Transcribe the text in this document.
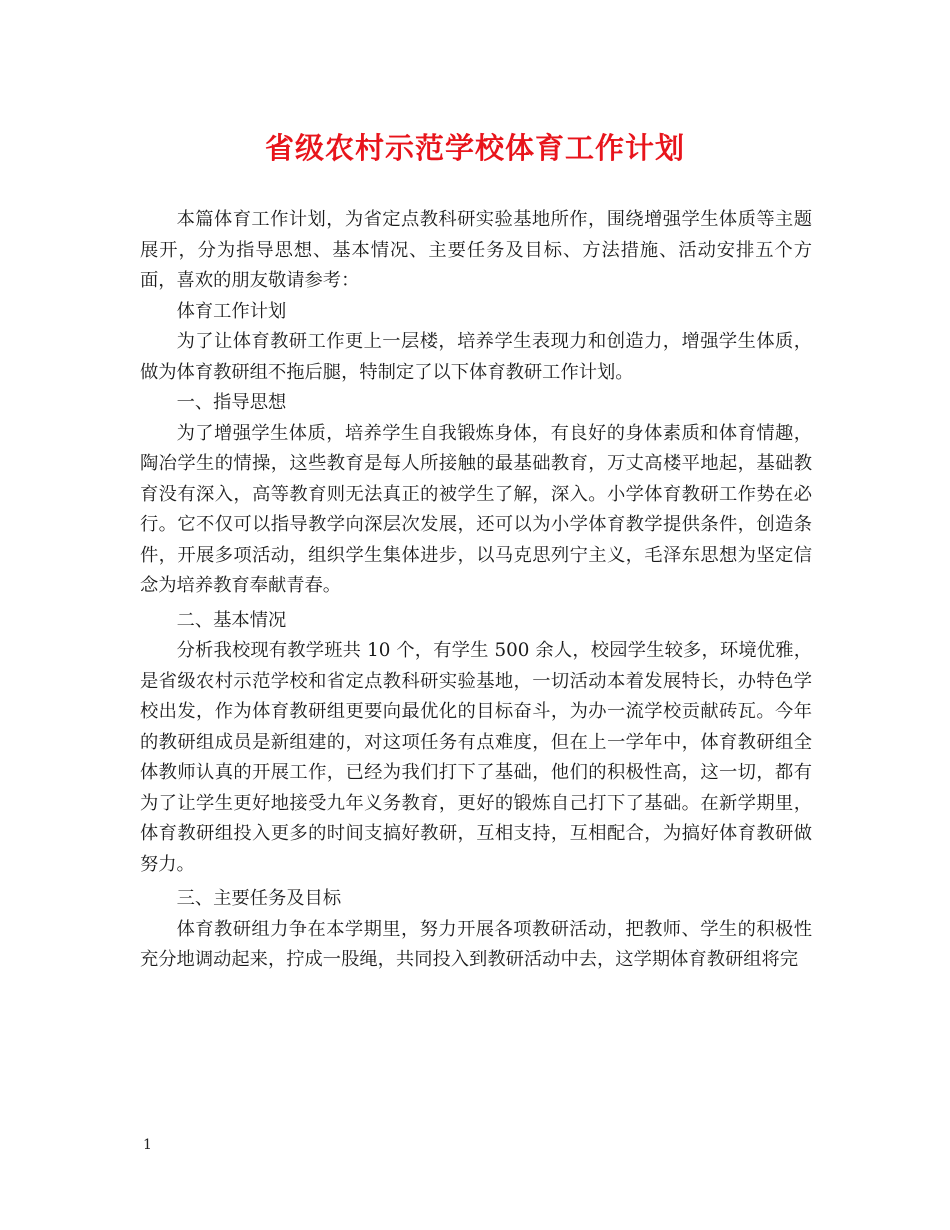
省级农村示范学校体育工作计划

本篇体育工作计划，为省定点教科研实验基地所作，围绕增强学生体质等主题展开，分为指导思想、基本情况、主要任务及目标、方法措施、活动安排五个方面，喜欢的朋友敬请参考：

体育工作计划

为了让体育教研工作更上一层楼，培养学生表现力和创造力，增强学生体质，做为体育教研组不拖后腿，特制定了以下体育教研工作计划。

一、指导思想

为了增强学生体质，培养学生自我锻炼身体，有良好的身体素质和体育情趣，陶冶学生的情操，这些教育是每人所接触的最基础教育，万丈高楼平地起，基础教育没有深入，高等教育则无法真正的被学生了解，深入。小学体育教研工作势在必行。它不仅可以指导教学向深层次发展，还可以为小学体育教学提供条件，创造条件，开展多项活动，组织学生集体进步，以马克思列宁主义，毛泽东思想为坚定信念为培养教育奉献青春。

二、基本情况

分析我校现有教学班共 10 个，有学生 500 余人，校园学生较多，环境优雅，是省级农村示范学校和省定点教科研实验基地，一切活动本着发展特长，办特色学校出发，作为体育教研组更要向最优化的目标奋斗，为办一流学校贡献砖瓦。今年的教研组成员是新组建的，对这项任务有点难度，但在上一学年中，体育教研组全体教师认真的开展工作，已经为我们打下了基础，他们的积极性高，这一切，都有为了让学生更好地接受九年义务教育，更好的锻炼自己打下了基础。在新学期里，体育教研组投入更多的时间支搞好教研，互相支持，互相配合，为搞好体育教研做努力。

三、主要任务及目标

体育教研组力争在本学期里，努力开展各项教研活动，把教师、学生的积极性充分地调动起来，拧成一股绳，共同投入到教研活动中去，这学期体育教研组将完

1
